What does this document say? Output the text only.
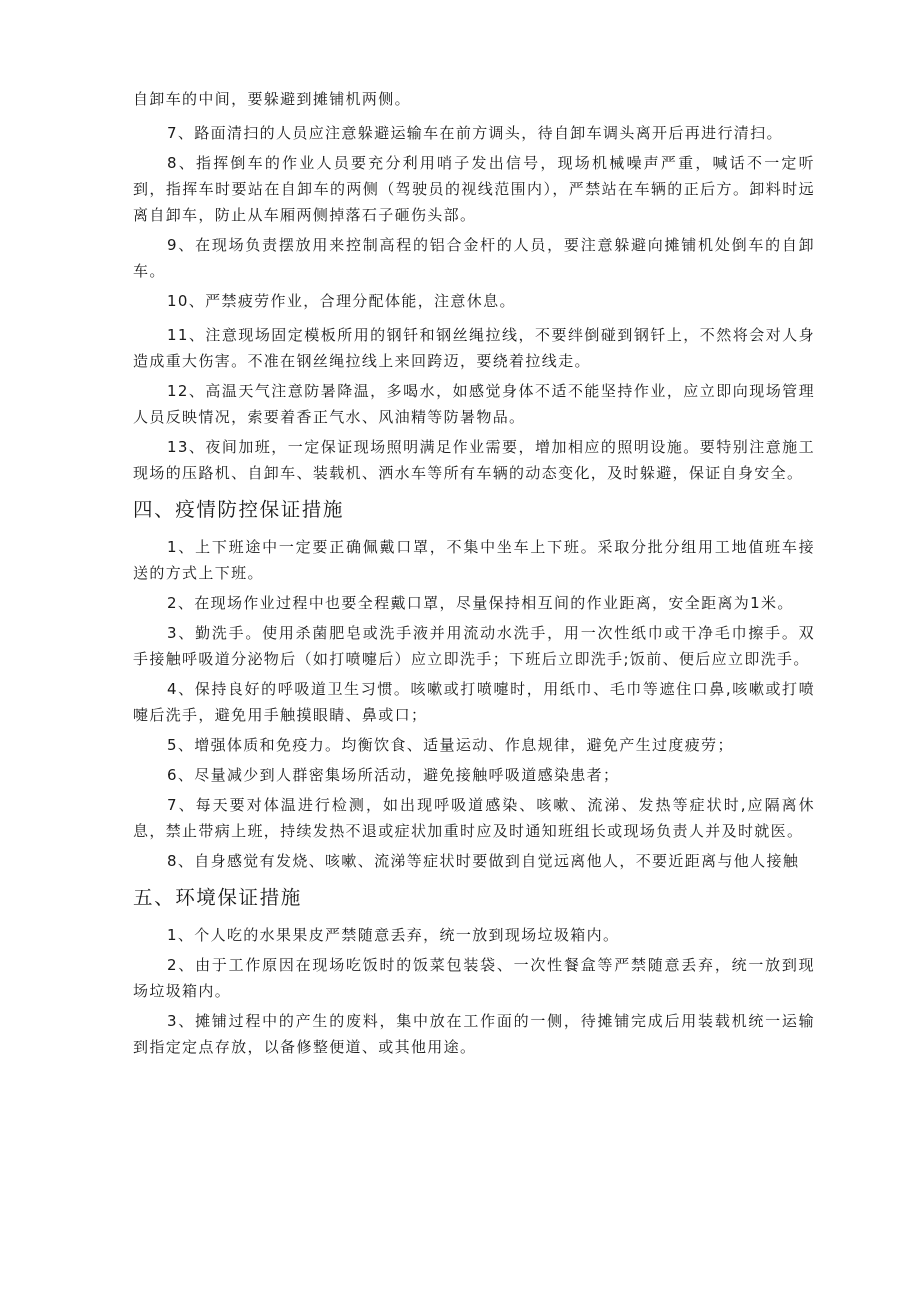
自卸车的中间，要躲避到摊铺机两侧。

7、路面清扫的人员应注意躲避运输车在前方调头，待自卸车调头离开后再进行清扫。

8、指挥倒车的作业人员要充分利用哨子发出信号，现场机械噪声严重，喊话不一定听到，指挥车时要站在自卸车的两侧（驾驶员的视线范围内），严禁站在车辆的正后方。卸料时远离自卸车，防止从车厢两侧掉落石子砸伤头部。

9、在现场负责摆放用来控制高程的铝合金杆的人员，要注意躲避向摊铺机处倒车的自卸车。

10、严禁疲劳作业，合理分配体能，注意休息。

11、注意现场固定模板所用的钢钎和钢丝绳拉线，不要绊倒碰到钢钎上，不然将会对人身造成重大伤害。不准在钢丝绳拉线上来回跨迈，要绕着拉线走。

12、高温天气注意防暑降温，多喝水，如感觉身体不适不能坚持作业，应立即向现场管理人员反映情况，索要着香正气水、风油精等防暑物品。

13、夜间加班，一定保证现场照明满足作业需要，增加相应的照明设施。要特别注意施工现场的压路机、自卸车、装载机、洒水车等所有车辆的动态变化，及时躲避，保证自身安全。

四、疫情防控保证措施

1、上下班途中一定要正确佩戴口罩，不集中坐车上下班。采取分批分组用工地值班车接送的方式上下班。

2、在现场作业过程中也要全程戴口罩，尽量保持相互间的作业距离，安全距离为1米。

3、勤洗手。使用杀菌肥皂或洗手液并用流动水洗手，用一次性纸巾或干净毛巾擦手。双手接触呼吸道分泌物后（如打喷嚏后）应立即洗手；下班后立即洗手;饭前、便后应立即洗手。

4、保持良好的呼吸道卫生习惯。咳嗽或打喷嚏时，用纸巾、毛巾等遮住口鼻,咳嗽或打喷嚏后洗手，避免用手触摸眼睛、鼻或口；

5、增强体质和免疫力。均衡饮食、适量运动、作息规律，避免产生过度疲劳；

6、尽量减少到人群密集场所活动，避免接触呼吸道感染患者；

7、每天要对体温进行检测，如出现呼吸道感染、咳嗽、流涕、发热等症状时,应隔离休息，禁止带病上班，持续发热不退或症状加重时应及时通知班组长或现场负责人并及时就医。

8、自身感觉有发烧、咳嗽、流涕等症状时要做到自觉远离他人，不要近距离与他人接触

五、环境保证措施

1、个人吃的水果果皮严禁随意丢弃，统一放到现场垃圾箱内。

2、由于工作原因在现场吃饭时的饭菜包装袋、一次性餐盒等严禁随意丢弃，统一放到现场垃圾箱内。

3、摊铺过程中的产生的废料，集中放在工作面的一侧，待摊铺完成后用装载机统一运输到指定定点存放，以备修整便道、或其他用途。
